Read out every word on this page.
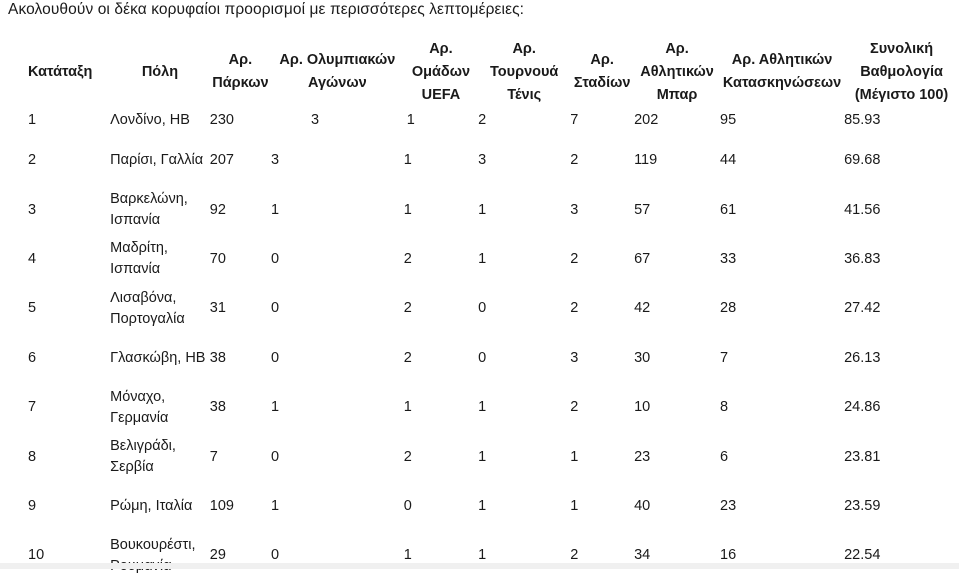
Ακολουθούν οι δέκα κορυφαίοι προορισμοί με περισσότερες λεπτομέρειες:
Κατάταξη	Πόλη	Αρ. Πάρκων	Αρ. Ολυμπιακών Αγώνων	Αρ. Ομάδων UEFA	Αρ. Τουρνουά Τένις	Αρ. Σταδίων	Αρ. Αθλητικών Μπαρ	Αρ. Αθλητικών Κατασκηνώσεων	Συνολική Βαθμολογία (Μέγιστο 100)
1	Λονδίνο, ΗΒ	230	3	1	2	7	202	95	85.93
2	Παρίσι, Γαλλία	207	3	1	3	2	119	44	69.68
3	Βαρκελώνη, Ισπανία	92	1	1	1	3	57	61	41.56
4	Μαδρίτη, Ισπανία	70	0	2	1	2	67	33	36.83
5	Λισαβόνα, Πορτογαλία	31	0	2	0	2	42	28	27.42
6	Γλασκώβη, ΗΒ	38	0	2	0	3	30	7	26.13
7	Μόναχο, Γερμανία	38	1	1	1	2	10	8	24.86
8	Βελιγράδι, Σερβία	7	0	2	1	1	23	6	23.81
9	Ρώμη, Ιταλία	109	1	0	1	1	40	23	23.59
10	Βουκουρέστι,	29	0	1	1	2	34	16	22.54
